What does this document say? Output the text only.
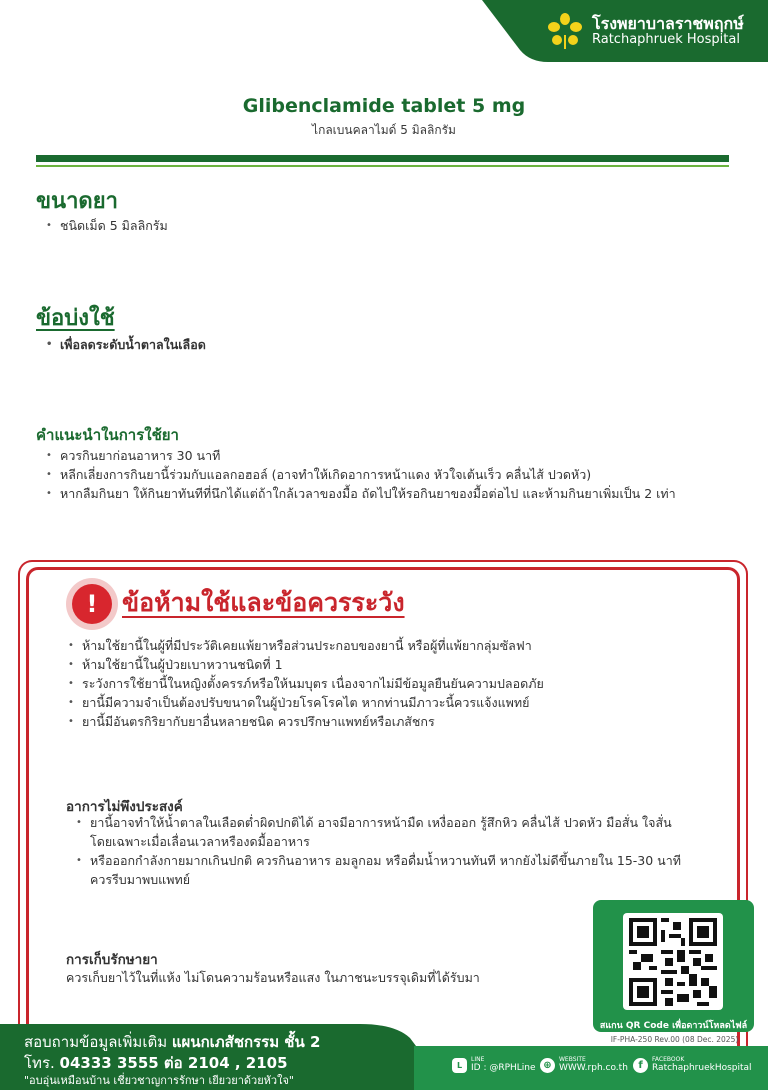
โรงพยาบาลราชพฤกษ์
Ratchaphruek Hospital
Glibenclamide tablet 5 mg
ไกลเบนคลาไมด์ 5 มิลลิกรัม
ขนาดยา
• ชนิดเม็ด 5 มิลลิกรัม
ข้อบ่งใช้
• เพื่อลดระดับน้ำตาลในเลือด
คำแนะนำในการใช้ยา
• ควรกินยาก่อนอาหาร 30 นาที
• หลีกเลี่ยงการกินยานี้ร่วมกับแอลกอฮอล์ (อาจทำให้เกิดอาการหน้าแดง หัวใจเต้นเร็ว คลื่นไส้ ปวดหัว)
• หากลืมกินยา ให้กินยาทันทีที่นึกได้แต่ถ้าใกล้เวลาของมื้อ ถัดไปให้รอกินยาของมื้อต่อไป และห้ามกินยาเพิ่มเป็น 2 เท่า
! ข้อห้ามใช้และข้อควรระวัง
• ห้ามใช้ยานี้ในผู้ที่มีประวัติเคยแพ้ยาหรือส่วนประกอบของยานี้ หรือผู้ที่แพ้ยากลุ่มซัลฟา
• ห้ามใช้ยานี้ในผู้ป่วยเบาหวานชนิดที่ 1
• ระวังการใช้ยานี้ในหญิงตั้งครรภ์หรือให้นมบุตร เนื่องจากไม่มีข้อมูลยืนยันความปลอดภัย
• ยานี้มีความจำเป็นต้องปรับขนาดในผู้ป่วยโรคโรคไต หากท่านมีภาวะนี้ควรแจ้งแพทย์
• ยานี้มีอันตรกิริยากับยาอื่นหลายชนิด ควรปรึกษาแพทย์หรือเภสัชกร
อาการไม่พึงประสงค์
• ยานี้อาจทำให้น้ำตาลในเลือดต่ำผิดปกติได้ อาจมีอาการหน้ามืด เหงื่อออก รู้สึกหิว คลื่นไส้ ปวดหัว มือสั่น ใจสั่น
โดยเฉพาะเมื่อเลื่อนเวลาหรืองดมื้ออาหาร
• หรือออกกำลังกายมากเกินปกติ ควรกินอาหาร อมลูกอม หรือดื่มน้ำหวานทันที หากยังไม่ดีขึ้นภายใน 15-30 นาที
ควรรีบมาพบแพทย์
การเก็บรักษายา
ควรเก็บยาไว้ในที่แห้ง ไม่โดนความร้อนหรือแสง ในภาชนะบรรจุเดิมที่ได้รับมา
สแกน QR Code เพื่อดาวน์โหลดไฟล์
IF-PHA-250 Rev.00 (08 Dec. 2025)
สอบถามข้อมูลเพิ่มเติม แผนกเภสัชกรรม ชั้น 2
โทร. 04333 3555 ต่อ 2104 , 2105
"อบอุ่นเหมือนบ้าน เชี่ยวชาญการรักษา เยียวยาด้วยหัวใจ"
L
LINE
ID : @RPHLine ⊕	WEBSITE
WWW.rph.co.th	f	FACEBOOK
RatchaphruekHospital
